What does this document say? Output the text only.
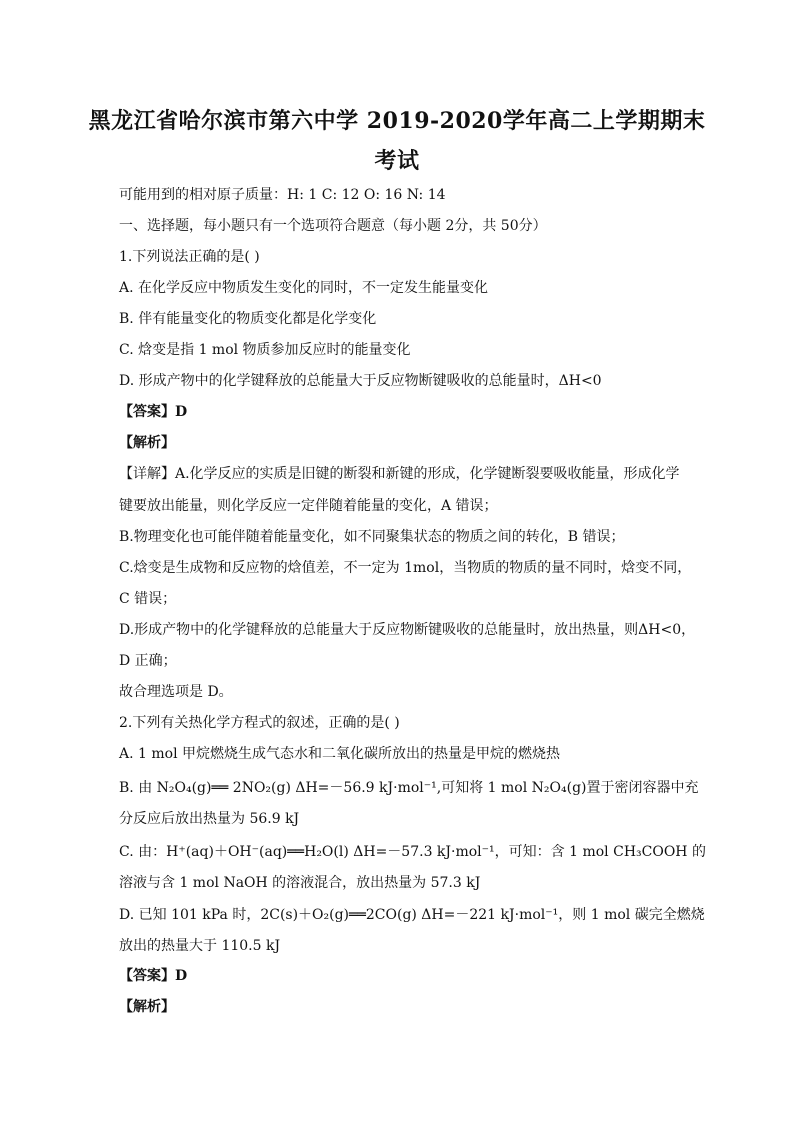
黑龙江省哈尔滨市第六中学 2019-2020学年高二上学期期末
考试
可能用到的相对原子质量：H: 1 C: 12 O: 16 N: 14
一、选择题，每小题只有一个选项符合题意（每小题 2分，共 50分）
1.下列说法正确的是( )
A. 在化学反应中物质发生变化的同时，不一定发生能量变化
B. 伴有能量变化的物质变化都是化学变化
C. 焓变是指 1 mol 物质参加反应时的能量变化
D. 形成产物中的化学键释放的总能量大于反应物断键吸收的总能量时，ΔH<0
【答案】D
【解析】
【详解】A.化学反应的实质是旧键的断裂和新键的形成，化学键断裂要吸收能量，形成化学
键要放出能量，则化学反应一定伴随着能量的变化，A 错误；
B.物理变化也可能伴随着能量变化，如不同聚集状态的物质之间的转化，B 错误；
C.焓变是生成物和反应物的焓值差，不一定为 1mol，当物质的物质的量不同时，焓变不同，
C 错误；
D.形成产物中的化学键释放的总能量大于反应物断键吸收的总能量时，放出热量，则ΔH<0，
D 正确；
故合理选项是 D。
2.下列有关热化学方程式的叙述，正确的是( )
A. 1 mol 甲烷燃烧生成气态水和二氧化碳所放出的热量是甲烷的燃烧热
B. 由 N₂O₄(g)══ 2NO₂(g) ΔH=－56.9 kJ·mol⁻¹,可知将 1 mol N₂O₄(g)置于密闭容器中充
分反应后放出热量为 56.9 kJ
C. 由：H⁺(aq)＋OH⁻(aq)══H₂O(l) ΔH=－57.3 kJ·mol⁻¹，可知：含 1 mol CH₃COOH 的
溶液与含 1 mol NaOH 的溶液混合，放出热量为 57.3 kJ
D. 已知 101 kPa 时，2C(s)＋O₂(g)══2CO(g) ΔH=－221 kJ·mol⁻¹，则 1 mol 碳完全燃烧
放出的热量大于 110.5 kJ
【答案】D
【解析】
